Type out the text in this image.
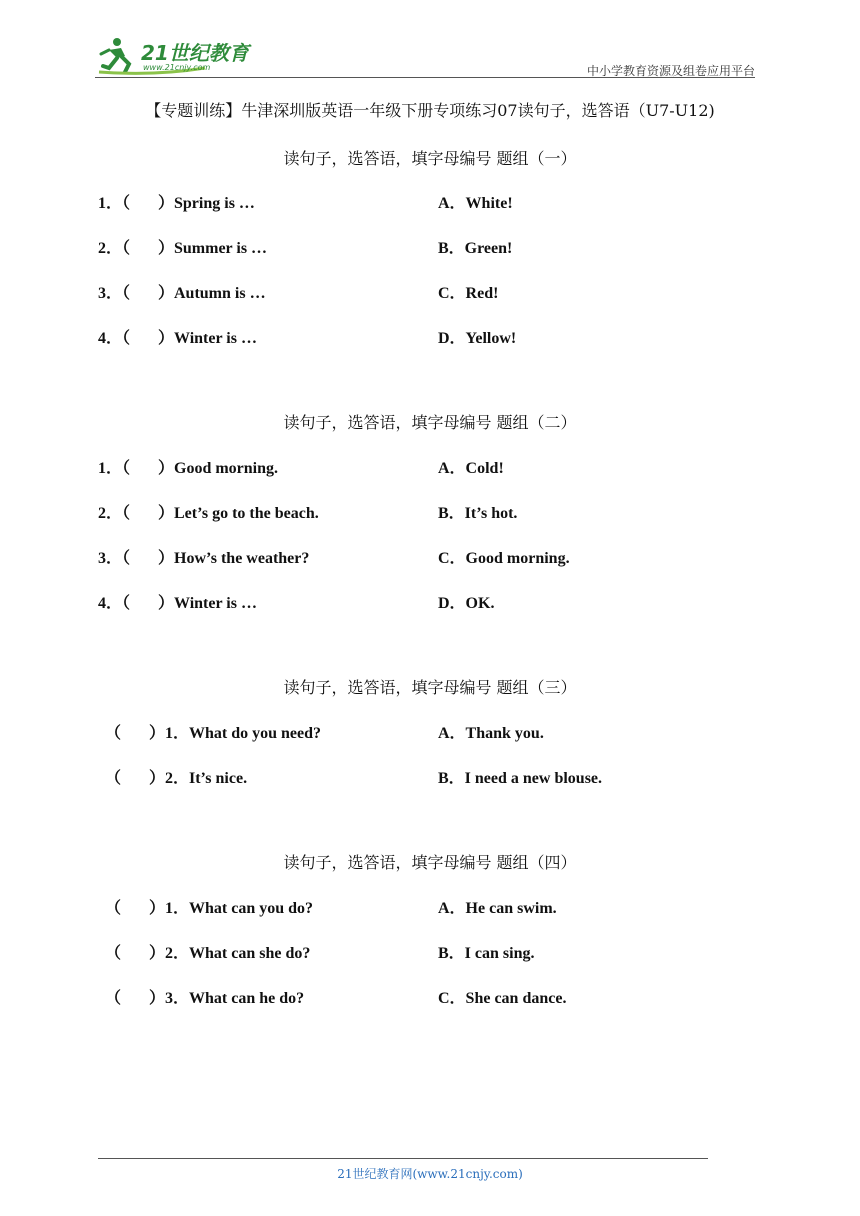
21世纪教育
www.21cnjy.com	中小学教育资源及组卷应用平台
【专题训练】牛津深圳版英语一年级下册专项练习07读句子，选答语（U7-U12)
读句子，选答语，填字母编号 题组（一）
1．（       ）Spring is …	A．White!
2．（       ）Summer is …	B．Green!
3．（       ）Autumn is …	C．Red!
4．（       ）Winter is …	D．Yellow!
读句子，选答语，填字母编号 题组（二）
1．（       ）Good morning.	A．Cold!
2．（       ）Let’s go to the beach.	B．It’s hot.
3．（       ）How’s the weather?	C．Good morning.
4．（       ）Winter is …	D．OK.
读句子，选答语，填字母编号 题组（三）
（       ）1．What do you need?	A．Thank you.
（       ）2．It’s nice.	B．I need a new blouse.
读句子，选答语，填字母编号 题组（四）
（       ）1．What can you do?	A．He can swim.
（       ）2．What can she do?	B．I can sing.
（       ）3．What can he do?	C．She can dance.
21世纪教育网(www.21cnjy.com)
